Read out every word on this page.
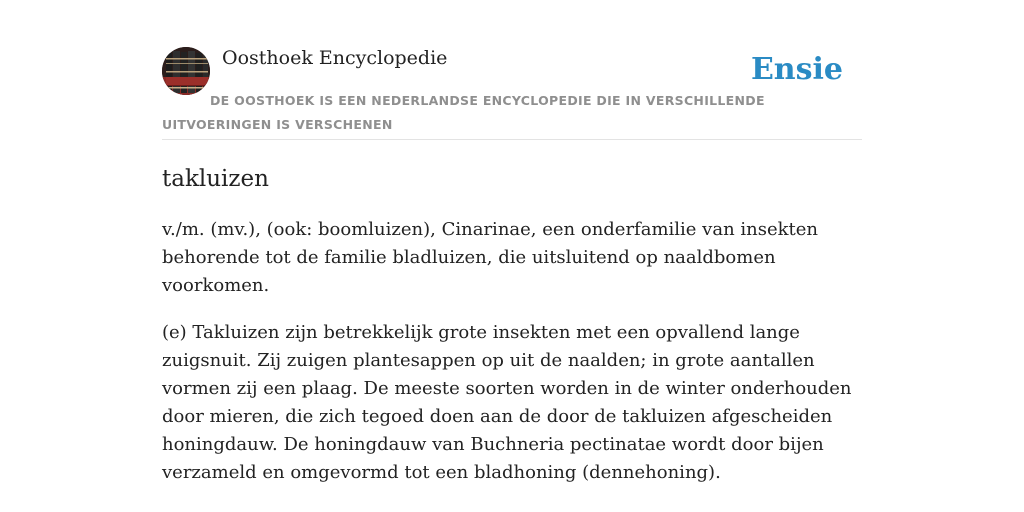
Oosthoek Encyclopedie	Ensie
DE OOSTHOEK IS EEN NEDERLANDSE ENCYCLOPEDIE DIE IN VERSCHILLENDE UITVOERINGEN IS VERSCHENEN
takluizen

v./m. (mv.), (ook: boomluizen), Cinarinae, een onderfamilie van insekten behorende tot de familie bladluizen, die uitsluitend op naaldbomen voorkomen.

(e) Takluizen zijn betrekkelijk grote insekten met een opvallend lange zuigsnuit. Zij zuigen plantesappen op uit de naalden; in grote aantallen vormen zij een plaag. De meeste soorten worden in de winter onderhouden door mieren, die zich tegoed doen aan de door de takluizen afgescheiden honingdauw. De honingdauw van Buchneria pectinatae wordt door bijen verzameld en omgevormd tot een bladhoning (dennehoning).
